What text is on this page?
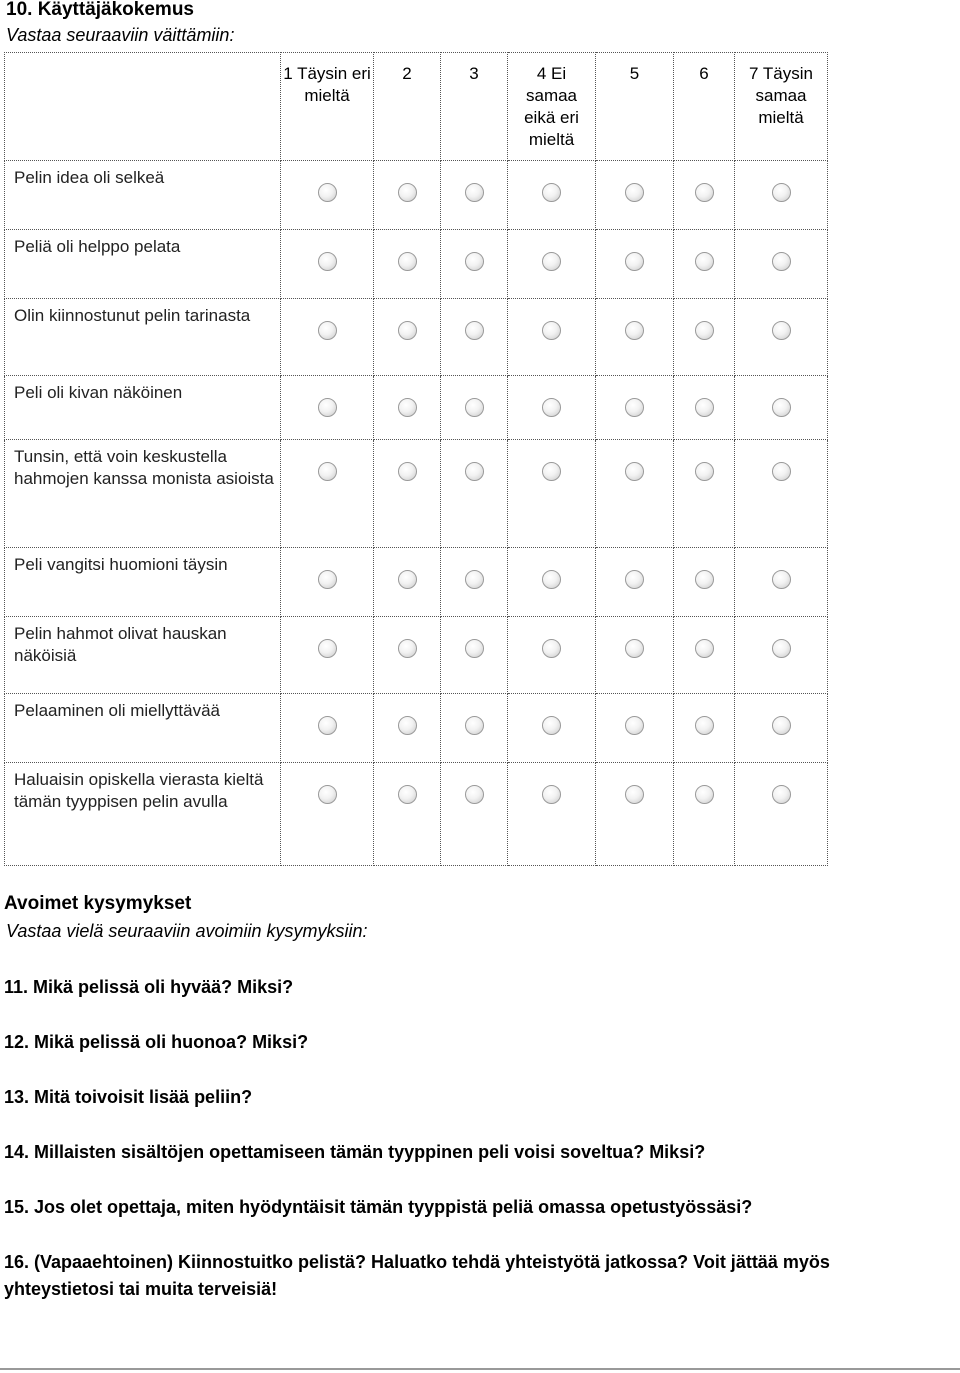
10. Käyttäjäkokemus
Vastaa seuraaviin väittämiin:
	1 Täysin eri mieltä	2	3	4 Ei samaa eikä eri mieltä	5	6	7 Täysin samaa mieltä
Pelin idea oli selkeä							
Peliä oli helppo pelata							
Olin kiinnostunut pelin tarinasta							
Peli oli kivan näköinen							
Tunsin, että voin keskustella hahmojen kanssa monista asioista							
Peli vangitsi huomioni täysin							
Pelin hahmot olivat hauskan näköisiä							
Pelaaminen oli miellyttävää							
Haluaisin opiskella vierasta kieltä tämän tyyppisen pelin avulla							
Avoimet kysymykset
Vastaa vielä seuraaviin avoimiin kysymyksiin:
11. Mikä pelissä oli hyvää? Miksi?
12. Mikä pelissä oli huonoa? Miksi?
13. Mitä toivoisit lisää peliin?
14. Millaisten sisältöjen opettamiseen tämän tyyppinen peli voisi soveltua? Miksi?
15. Jos olet opettaja, miten hyödyntäisit tämän tyyppistä peliä omassa opetustyössäsi?
16. (Vapaaehtoinen) Kiinnostuitko pelistä? Haluatko tehdä yhteistyötä jatkossa? Voit jättää myös yhteystietosi tai muita terveisiä!
